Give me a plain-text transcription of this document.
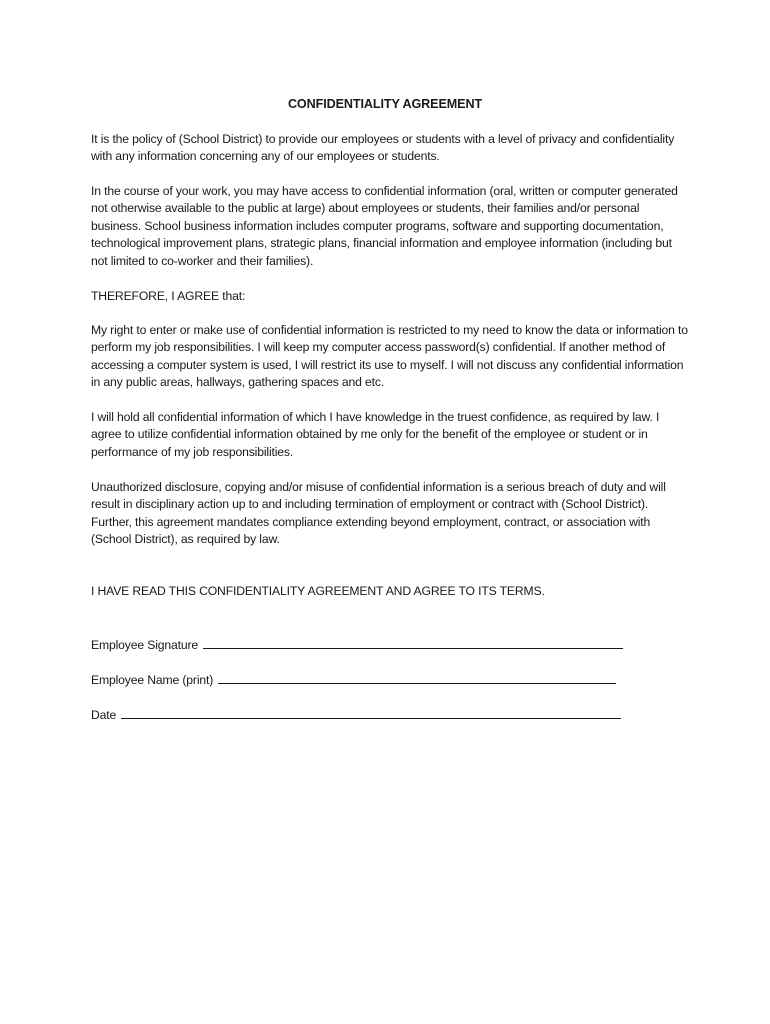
CONFIDENTIALITY AGREEMENT

It is the policy of (School District) to provide our employees or students with a level of privacy and confidentiality with any information concerning any of our employees or students.

In the course of your work, you may have access to confidential information (oral, written or computer generated not otherwise available to the public at large) about employees or students, their families and/or personal business. School business information includes computer programs, software and supporting documentation, technological improvement plans, strategic plans, financial information and employee information (including but not limited to co-worker and their families).

THEREFORE, I AGREE that:

My right to enter or make use of confidential information is restricted to my need to know the data or information to perform my job responsibilities. I will keep my computer access password(s) confidential. If another method of accessing a computer system is used, I will restrict its use to myself. I will not discuss any confidential information in any public areas, hallways, gathering spaces and etc.

I will hold all confidential information of which I have knowledge in the truest confidence, as required by law. I agree to utilize confidential information obtained by me only for the benefit of the employee or student or in performance of my job responsibilities.

Unauthorized disclosure, copying and/or misuse of confidential information is a serious breach of duty and will result in disciplinary action up to and including termination of employment or contract with (School District). Further, this agreement mandates compliance extending beyond employment, contract, or association with (School District), as required by law.

I HAVE READ THIS CONFIDENTIALITY AGREEMENT AND AGREE TO ITS TERMS.

Employee Signature
Employee Name (print)
Date
